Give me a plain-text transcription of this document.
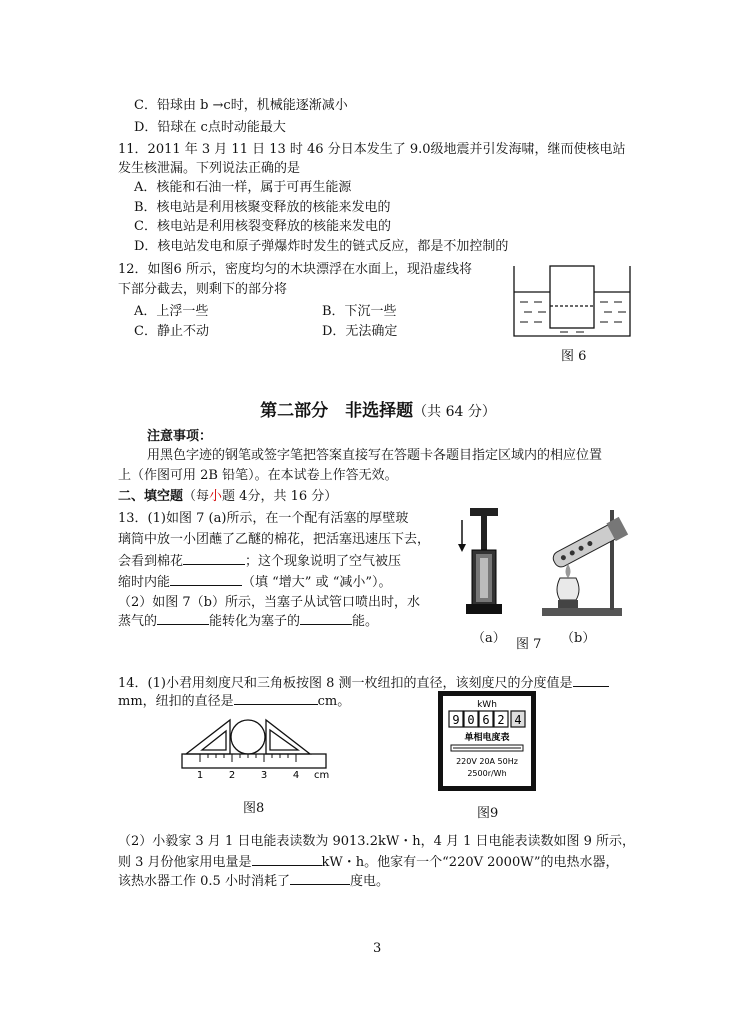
C．铅球由 b →c时，机械能逐渐减小
D．铅球在 c点时动能最大
11．2011 年 3 月 11 日 13 时 46 分日本发生了 9.0级地震并引发海啸，继而使核电站
发生核泄漏。下列说法正确的是
A．核能和石油一样，属于可再生能源
B．核电站是利用核聚变释放的核能来发电的
C．核电站是利用核裂变释放的核能来发电的
D．核电站发电和原子弹爆炸时发生的链式反应，都是不加控制的
12．如图6 所示，密度均匀的木块漂浮在水面上，现沿虚线将
下部分截去，则剩下的部分将
A．上浮一些	B．下沉一些
C．静止不动	D．无法确定
图 6
第二部分　非选择题（共 64 分）
注意事项：
用黑色字迹的钢笔或签字笔把答案直接写在答题卡各题目指定区域内的相应位置
上（作图可用 2B 铅笔）。在本试卷上作答无效。
二、填空题（每小题 4分，共 16 分）
13．(1)如图 7 (a)所示，在一个配有活塞的厚壁玻
璃筒中放一小团蘸了乙醚的棉花，把活塞迅速压下去，
会看到棉花	；这个现象说明了空气被压
缩时内能	（填 “增大” 或 “减小”）。
（2）如图 7（b）所示，当塞子从试管口喷出时，水
蒸气的	能转化为塞子的	能。
（a） 图 7 （b）
14．(1)小君用刻度尺和三角板按图 8 测一枚纽扣的直径，该刻度尺的分度值是
mm，纽扣的直径是	cm。
1	2	3	4 cm
图8
kWh
9 0 6 2 4
单相电度表
220V 20A 50Hz
2500r/Wh
图9
（2）小毅家 3 月 1 日电能表读数为 9013.2kW・h，4 月 1 日电能表读数如图 9 所示，
则 3 月份他家用电量是	kW・h。他家有一个“220V 2000W”的电热水器，
该热水器工作 0.5 小时消耗了	度电。
3
